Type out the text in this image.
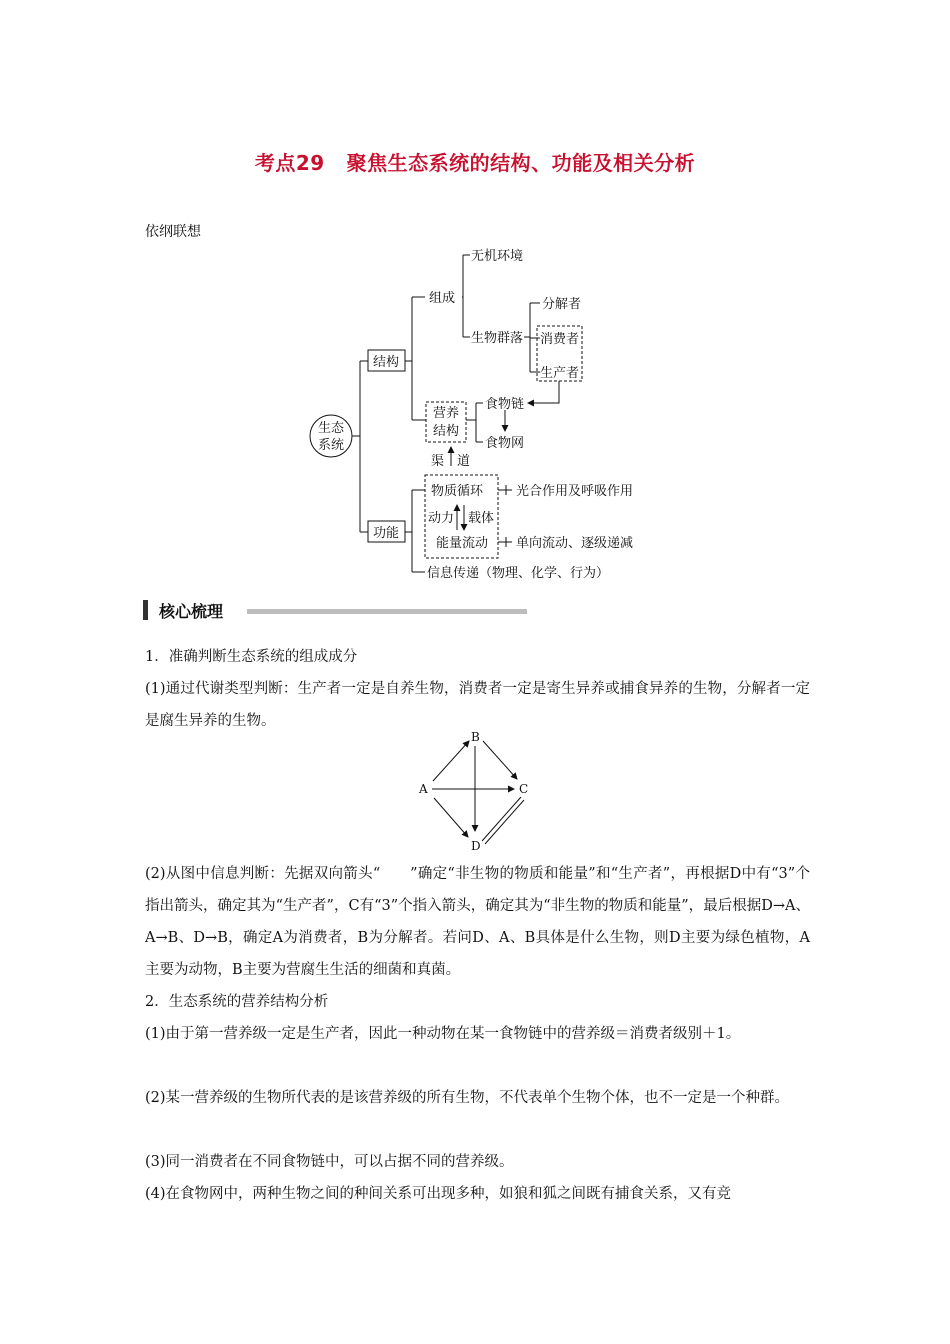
考点29 聚焦生态系统的结构、功能及相关分析
依纲联想
生态
系统
结构
组成
无机环境
生物群落
分解者
消费者
生产者
营养
结构
食物链
食物网
渠 道
功能
物质循环
能量流动
动力 载体
光合作用及呼吸作用
单向流动、逐级递减
信息传递（物理、化学、行为）
核心梳理
1．准确判断生态系统的组成成分
(1)通过代谢类型判断：生产者一定是自养生物，消费者一定是寄生异养或捕食异养的生物，分解者一定是腐生异养的生物。
B
A	C
D
(2)从图中信息判断：先据双向箭头“　　”确定“非生物的物质和能量”和“生产者”，再根据D中有“3”个指出箭头，确定其为“生产者”，C有“3”个指入箭头，确定其为“非生物的物质和能量”，最后根据D→A、A→B、D→B，确定A为消费者，B为分解者。若问D、A、B具体是什么生物，则D主要为绿色植物，A主要为动物，B主要为营腐生生活的细菌和真菌。
2．生态系统的营养结构分析
(1)由于第一营养级一定是生产者，因此一种动物在某一食物链中的营养级＝消费者级别＋1。
(2)某一营养级的生物所代表的是该营养级的所有生物，不代表单个生物个体，也不一定是一个种群。
(3)同一消费者在不同食物链中，可以占据不同的营养级。
(4)在食物网中，两种生物之间的种间关系可出现多种，如狼和狐之间既有捕食关系，又有竞
